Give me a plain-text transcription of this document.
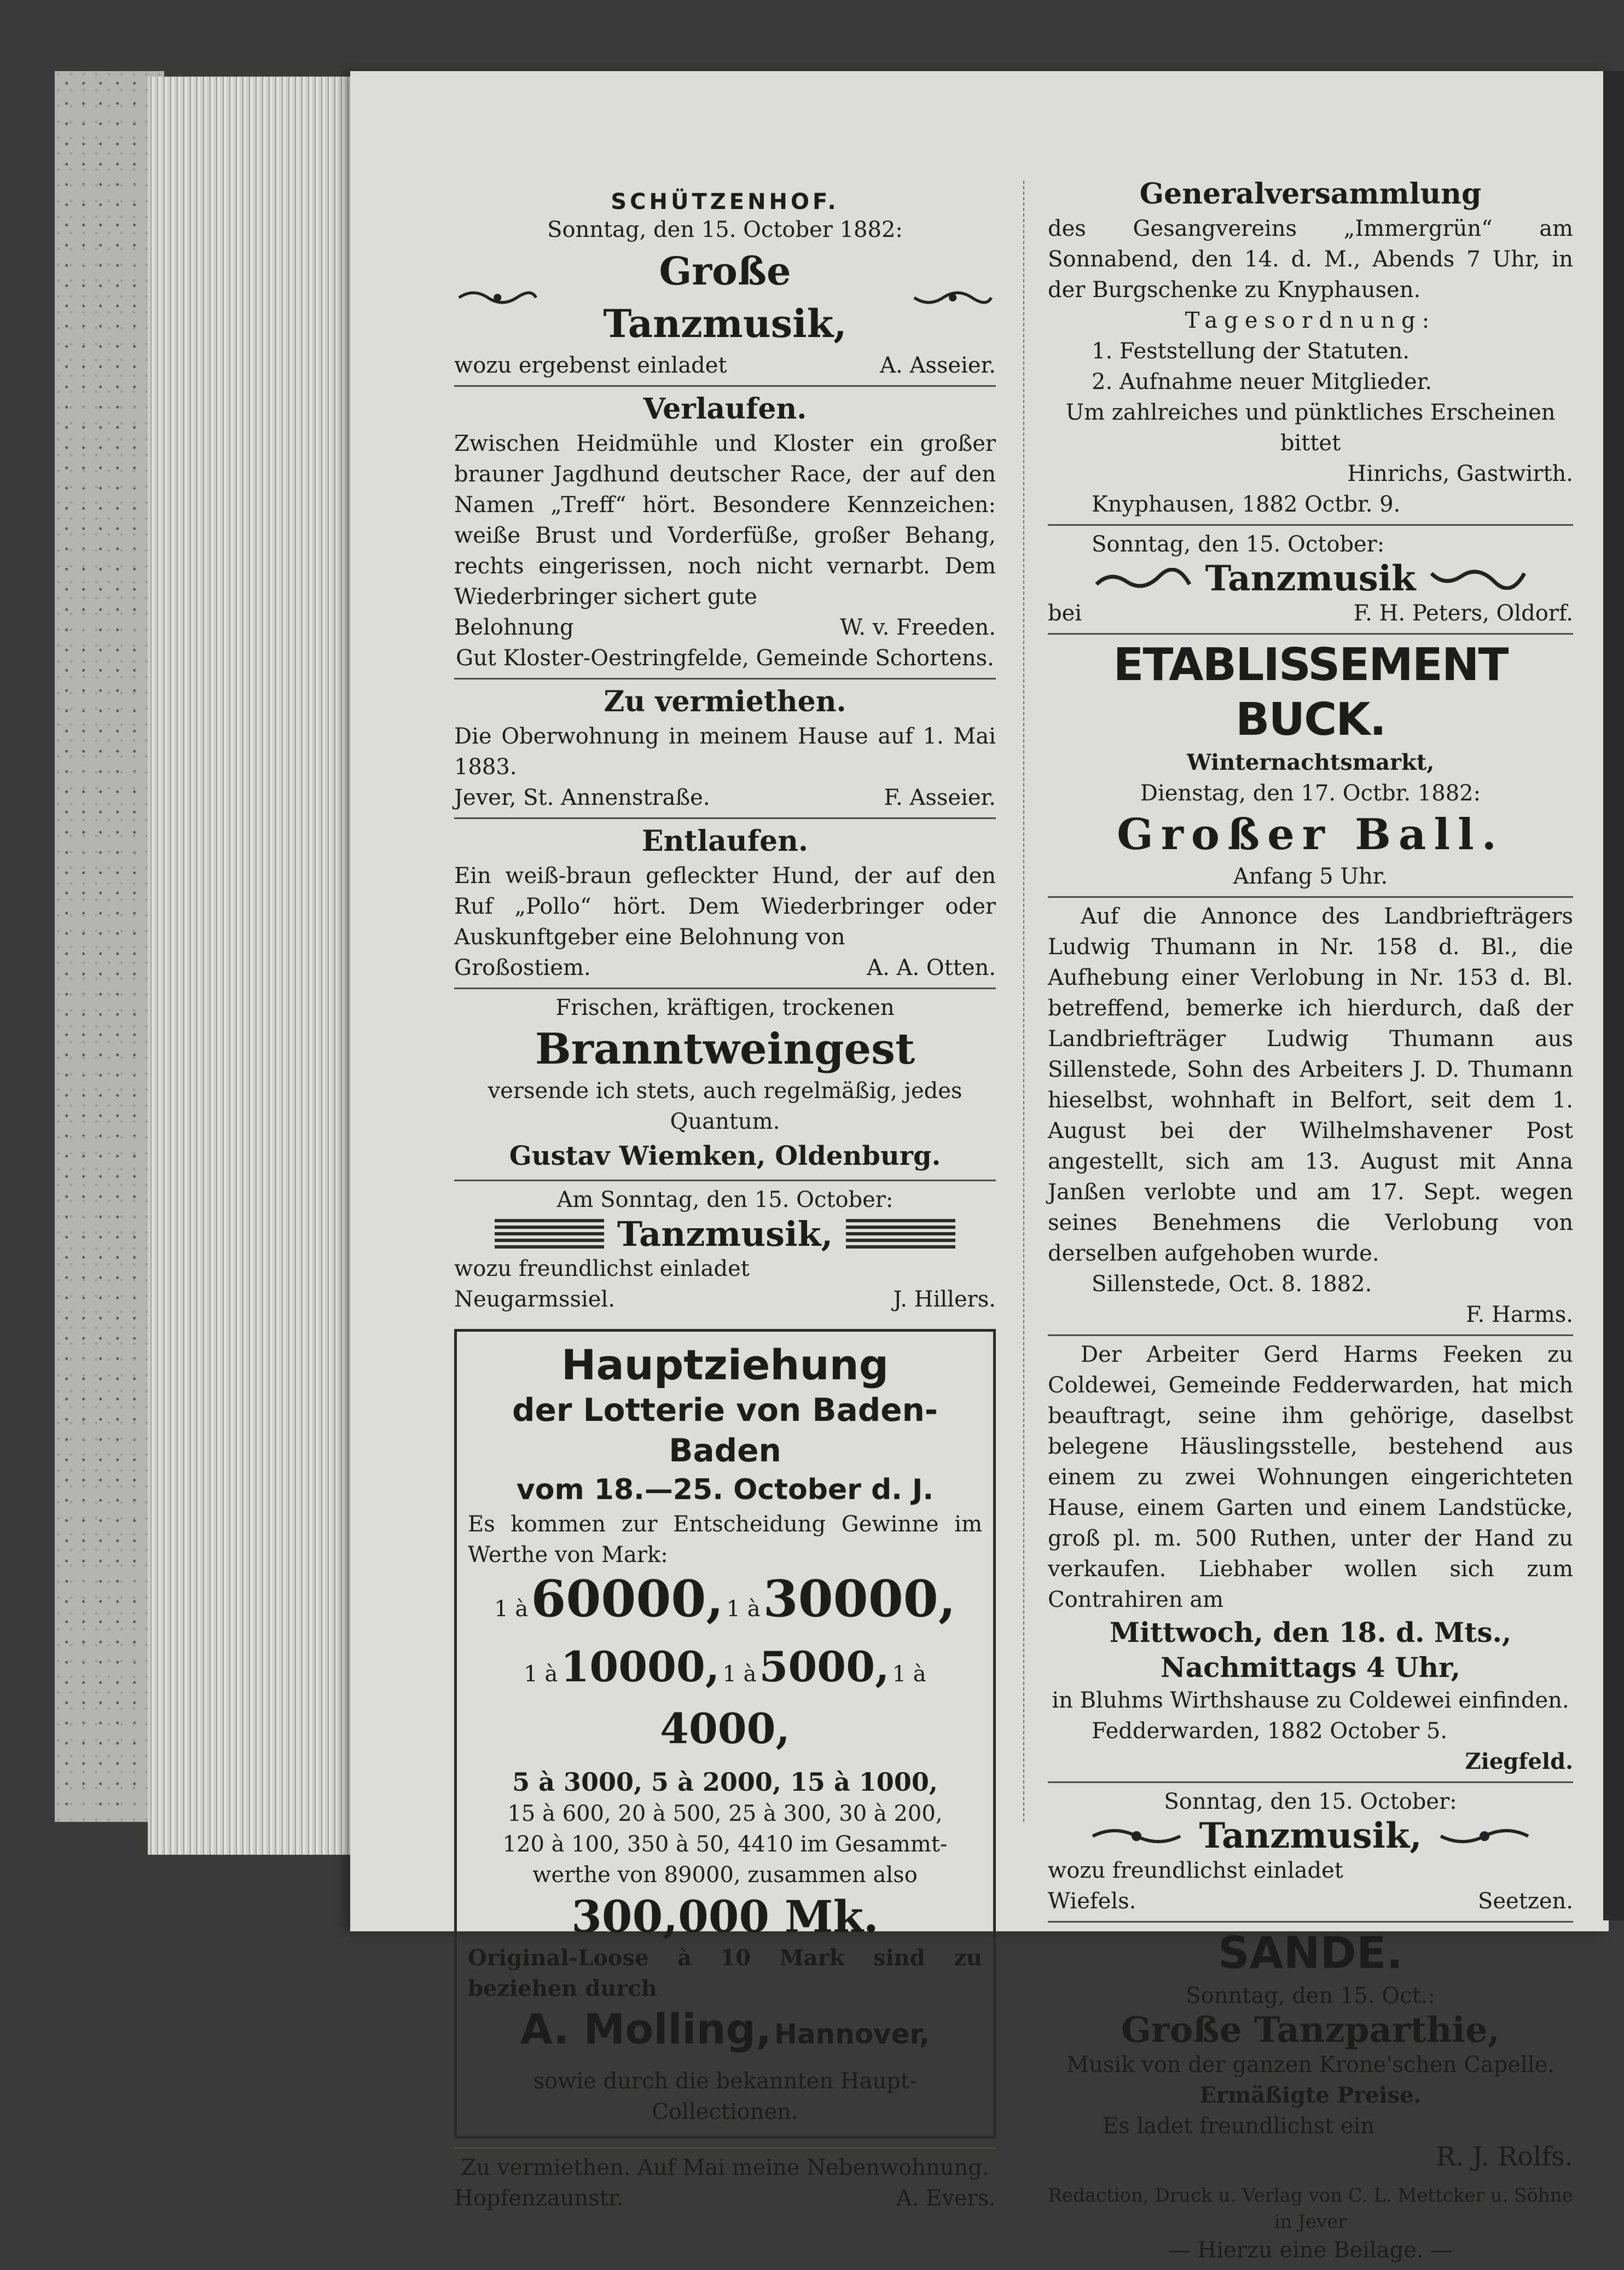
SCHÜTZENHOF.
Sonntag, den 15. October 1882:
Große Tanzmusik,
wozu ergebenst einladet	A. Asseier.
Verlaufen.
Zwischen Heidmühle und Kloster ein großer brauner Jagdhund deutscher Race, der auf den Namen „Treff“ hört. Besondere Kennzeichen: weiße Brust und Vorderfüße, großer Behang, rechts eingerissen, noch nicht vernarbt. Dem Wiederbringer sichert gute
Belohnung	W. v. Freeden.
Gut Kloster-Oestringfelde, Gemeinde Schortens.
Zu vermiethen.
Die Oberwohnung in meinem Hause auf 1. Mai 1883.
Jever, St. Annenstraße.	F. Asseier.
Entlaufen.
Ein weiß-braun gefleckter Hund, der auf den Ruf „Pollo“ hört. Dem Wiederbringer oder Auskunftgeber eine Belohnung von
Großostiem.	A. A. Otten.
Frischen, kräftigen, trockenen
Branntweingest
versende ich stets, auch regelmäßig, jedes Quantum.
Gustav Wiemken, Oldenburg.
Am Sonntag, den 15. October:
Tanzmusik,
wozu freundlichst einladet
Neugarmssiel.	J. Hillers.
Hauptziehung
der Lotterie von Baden-Baden
vom 18.—25. October d. J.
Es kommen zur Entscheidung Gewinne im Werthe von Mark:
1 à 60000, 1 à 30000,
1 à 10000, 1 à 5000, 1 à 4000,
5 à 3000, 5 à 2000, 15 à 1000,
15 à 600, 20 à 500, 25 à 300, 30 à 200,
120 à 100, 350 à 50, 4410 im Gesammt-
werthe von 89000, zusammen also
300,000 Mk.
Original-Loose à 10 Mark sind zu beziehen durch
A. Molling, Hannover,
sowie durch die bekannten Haupt-Collectionen.
Zu vermiethen. Auf Mai meine Nebenwohnung.
Hopfenzaunstr.	A. Evers.
Generalversammlung
des Gesangvereins „Immergrün“ am Sonnabend, den 14. d. M., Abends 7 Uhr, in der Burgschenke zu Knyphausen.
Tagesordnung:
1. Feststellung der Statuten.
2. Aufnahme neuer Mitglieder.
Um zahlreiches und pünktliches Erscheinen bittet
Hinrichs, Gastwirth.
Knyphausen, 1882 Octbr. 9.
Sonntag, den 15. October:
Tanzmusik
bei	F. H. Peters, Oldorf.
ETABLISSEMENT BUCK.
Winternachtsmarkt,
Dienstag, den 17. Octbr. 1882:
Großer Ball.
Anfang 5 Uhr.
Auf die Annonce des Landbriefträgers Ludwig Thumann in Nr. 158 d. Bl., die Aufhebung einer Verlobung in Nr. 153 d. Bl. betreffend, bemerke ich hierdurch, daß der Landbriefträger Ludwig Thumann aus Sillenstede, Sohn des Arbeiters J. D. Thumann hieselbst, wohnhaft in Belfort, seit dem 1. August bei der Wilhelmshavener Post angestellt, sich am 13. August mit Anna Janßen verlobte und am 17. Sept. wegen seines Benehmens die Verlobung von derselben aufgehoben wurde.
Sillenstede, Oct. 8. 1882.
F. Harms.
Der Arbeiter Gerd Harms Feeken zu Coldewei, Gemeinde Fedderwarden, hat mich beauftragt, seine ihm gehörige, daselbst belegene Häuslingsstelle, bestehend aus einem zu zwei Wohnungen eingerichteten Hause, einem Garten und einem Landstücke, groß pl. m. 500 Ruthen, unter der Hand zu verkaufen. Liebhaber wollen sich zum Contrahiren am
Mittwoch, den 18. d. Mts.,
Nachmittags 4 Uhr,
in Bluhms Wirthshause zu Coldewei einfinden.
Fedderwarden, 1882 October 5.
Ziegfeld.
Sonntag, den 15. October:
Tanzmusik,
wozu freundlichst einladet
Wiefels.	Seetzen.
SANDE.
Sonntag, den 15. Oct.:
Große Tanzparthie,
Musik von der ganzen Krone'schen Capelle.
Ermäßigte Preise.
Es ladet freundlichst ein
R. J. Rolfs.
Redaction, Druck u. Verlag von C. L. Mettcker u. Söhne in Jever
— Hierzu eine Beilage. —
